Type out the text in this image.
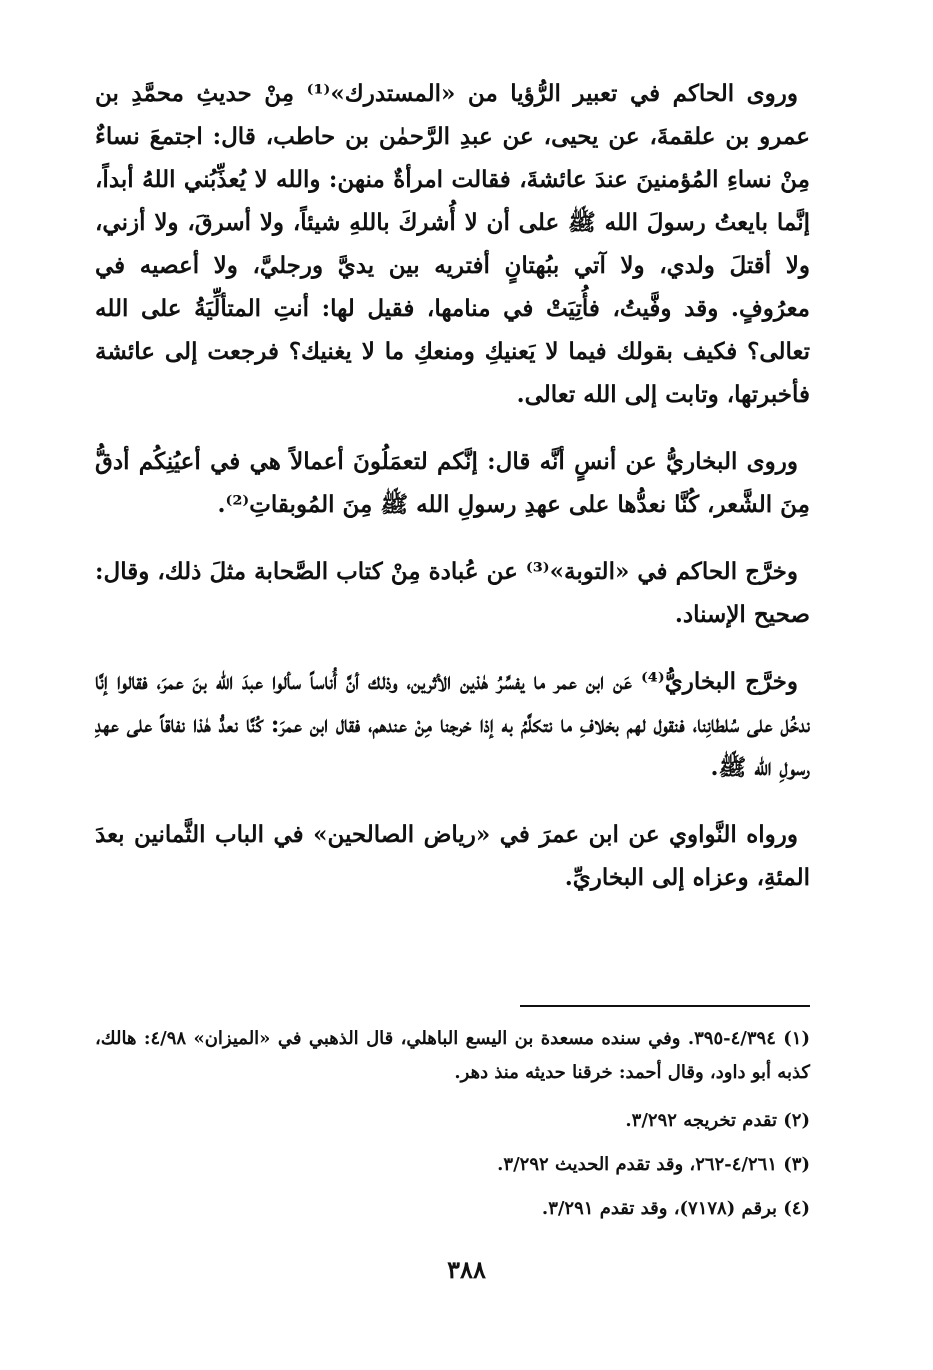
وروى الحاكم في تعبير الرُّؤيا من «المستدرك»⁽¹⁾ مِنْ حديثِ محمَّدِ بن عمرو بن علقمةَ، عن يحيى، عن عبدِ الرَّحمٰن بن حاطب، قال: اجتمعَ نساءٌ مِنْ نساءِ المُؤمنينَ عندَ عائشةَ، فقالت امرأةٌ منهن: والله لا يُعذِّبُني اللهُ أبداً، إنَّما بايعتُ رسولَ الله ﷺ على أن لا أُشركَ باللهِ شيئاً، ولا أسرقَ، ولا أزني، ولا أقتلَ ولدي، ولا آتي ببُهتانٍ أفتريه بين يديَّ ورجليَّ، ولا أعصيه في معرُوفٍ. وقد وفَّيتُ، فأُتِيَتْ في منامها، فقيل لها: أنتِ المتألِّيَةُ على الله تعالى؟ فكيف بقولك فيما لا يَعنيكِ ومنعكِ ما لا يغنيك؟ فرجعت إلى عائشة فأخبرتها، وتابت إلى الله تعالى.

وروى البخاريُّ عن أنسٍ أنَّه قال: إنَّكم لتعمَلُونَ أعمالاً هي في أعيُنِكُم أدقُّ مِنَ الشَّعر، كُنَّا نعدُّها على عهدِ رسولِ الله ﷺ مِنَ المُوبقاتِ⁽²⁾.

وخرَّج الحاكم في «التوبة»⁽³⁾ عن عُبادة مِنْ كتاب الصَّحابة مثلَ ذلك، وقال: صحيح الإسناد.

وخرَّج البخاريُّ⁽⁴⁾ عَن ابن عمر ما يفسِّرُ هٰذين الأثرين، وذلك أنَّ أُناساً سألوا عبدَ الله بنَ عمرَ، فقالوا إنَّا ندخُل على سُلطانِنا، فنقول لهم بخلافِ ما نتكلَّمُ به إذا خرجنا مِنْ عندهم، فقال ابن عمرَ: كُنَّا نعدُّ هٰذا نفاقاً على عهدِ رسولِ الله ﷺ.

ورواه النَّواوي عن ابن عمرَ في «رياض الصالحين» في الباب الثَّمانين بعدَ المئةِ، وعزاه إلى البخاريِّ.

(١) ٤/٣٩٤-٣٩٥. وفي سنده مسعدة بن اليسع الباهلي، قال الذهبي في «الميزان» ٤/٩٨: هالك، كذبه أبو داود، وقال أحمد: خرقنا حديثه منذ دهر.

(٢) تقدم تخريجه ٣/٢٩٢.

(٣) ٤/٢٦١-٢٦٢، وقد تقدم الحديث ٣/٢٩٢.

(٤) برقم (٧١٧٨)، وقد تقدم ٣/٢٩١.

٣٨٨
